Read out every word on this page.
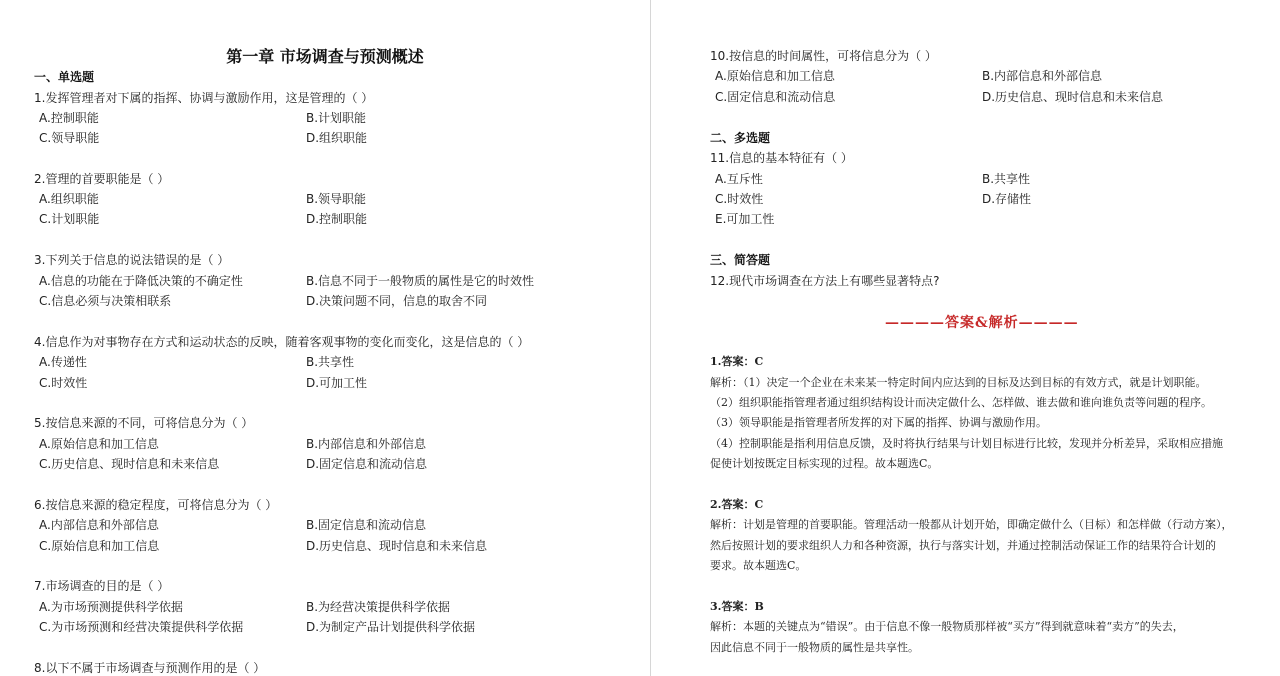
第一章 市场调查与预测概述
一、单选题
1.发挥管理者对下属的指挥、协调与激励作用，这是管理的（ ）
A.控制职能	B.计划职能
C.领导职能	D.组织职能
2.管理的首要职能是（ ）
A.组织职能	B.领导职能
C.计划职能	D.控制职能
3.下列关于信息的说法错误的是（ ）
A.信息的功能在于降低决策的不确定性	B.信息不同于一般物质的属性是它的时效性
C.信息必须与决策相联系	D.决策问题不同，信息的取舍不同
4.信息作为对事物存在方式和运动状态的反映，随着客观事物的变化而变化，这是信息的（ ）
A.传递性	B.共享性
C.时效性	D.可加工性
5.按信息来源的不同，可将信息分为（ ）
A.原始信息和加工信息	B.内部信息和外部信息
C.历史信息、现时信息和未来信息	D.固定信息和流动信息
6.按信息来源的稳定程度，可将信息分为（ ）
A.内部信息和外部信息	B.固定信息和流动信息
C.原始信息和加工信息	D.历史信息、现时信息和未来信息
7.市场调查的目的是（ ）
A.为市场预测提供科学依据	B.为经营决策提供科学依据
C.为市场预测和经营决策提供科学依据	D.为制定产品计划提供科学依据
8.以下不属于市场调查与预测作用的是（ ）
10.按信息的时间属性，可将信息分为（ ）
A.原始信息和加工信息	B.内部信息和外部信息
C.固定信息和流动信息	D.历史信息、现时信息和未来信息
二、多选题
11.信息的基本特征有（ ）
A.互斥性	B.共享性
C.时效性	D.存储性
E.可加工性
三、简答题
12.现代市场调查在方法上有哪些显著特点?
————答案&解析————
1.答案：C
解析：（1）决定一个企业在未来某一特定时间内应达到的目标及达到目标的有效方式，就是计划职能。
（2）组织职能指管理者通过组织结构设计而决定做什么、怎样做、谁去做和谁向谁负责等问题的程序。
（3）领导职能是指管理者所发挥的对下属的指挥、协调与激励作用。
（4）控制职能是指利用信息反馈，及时将执行结果与计划目标进行比较，发现并分析差异，采取相应措施
促使计划按既定目标实现的过程。故本题选C。
2.答案：C
解析：计划是管理的首要职能。管理活动一般都从计划开始，即确定做什么（目标）和怎样做（行动方案），
然后按照计划的要求组织人力和各种资源，执行与落实计划，并通过控制活动保证工作的结果符合计划的
要求。故本题选C。
3.答案：B
解析：本题的关键点为“错误”。由于信息不像一般物质那样被“买方”得到就意味着“卖方”的失去，
因此信息不同于一般物质的属性是共享性。
